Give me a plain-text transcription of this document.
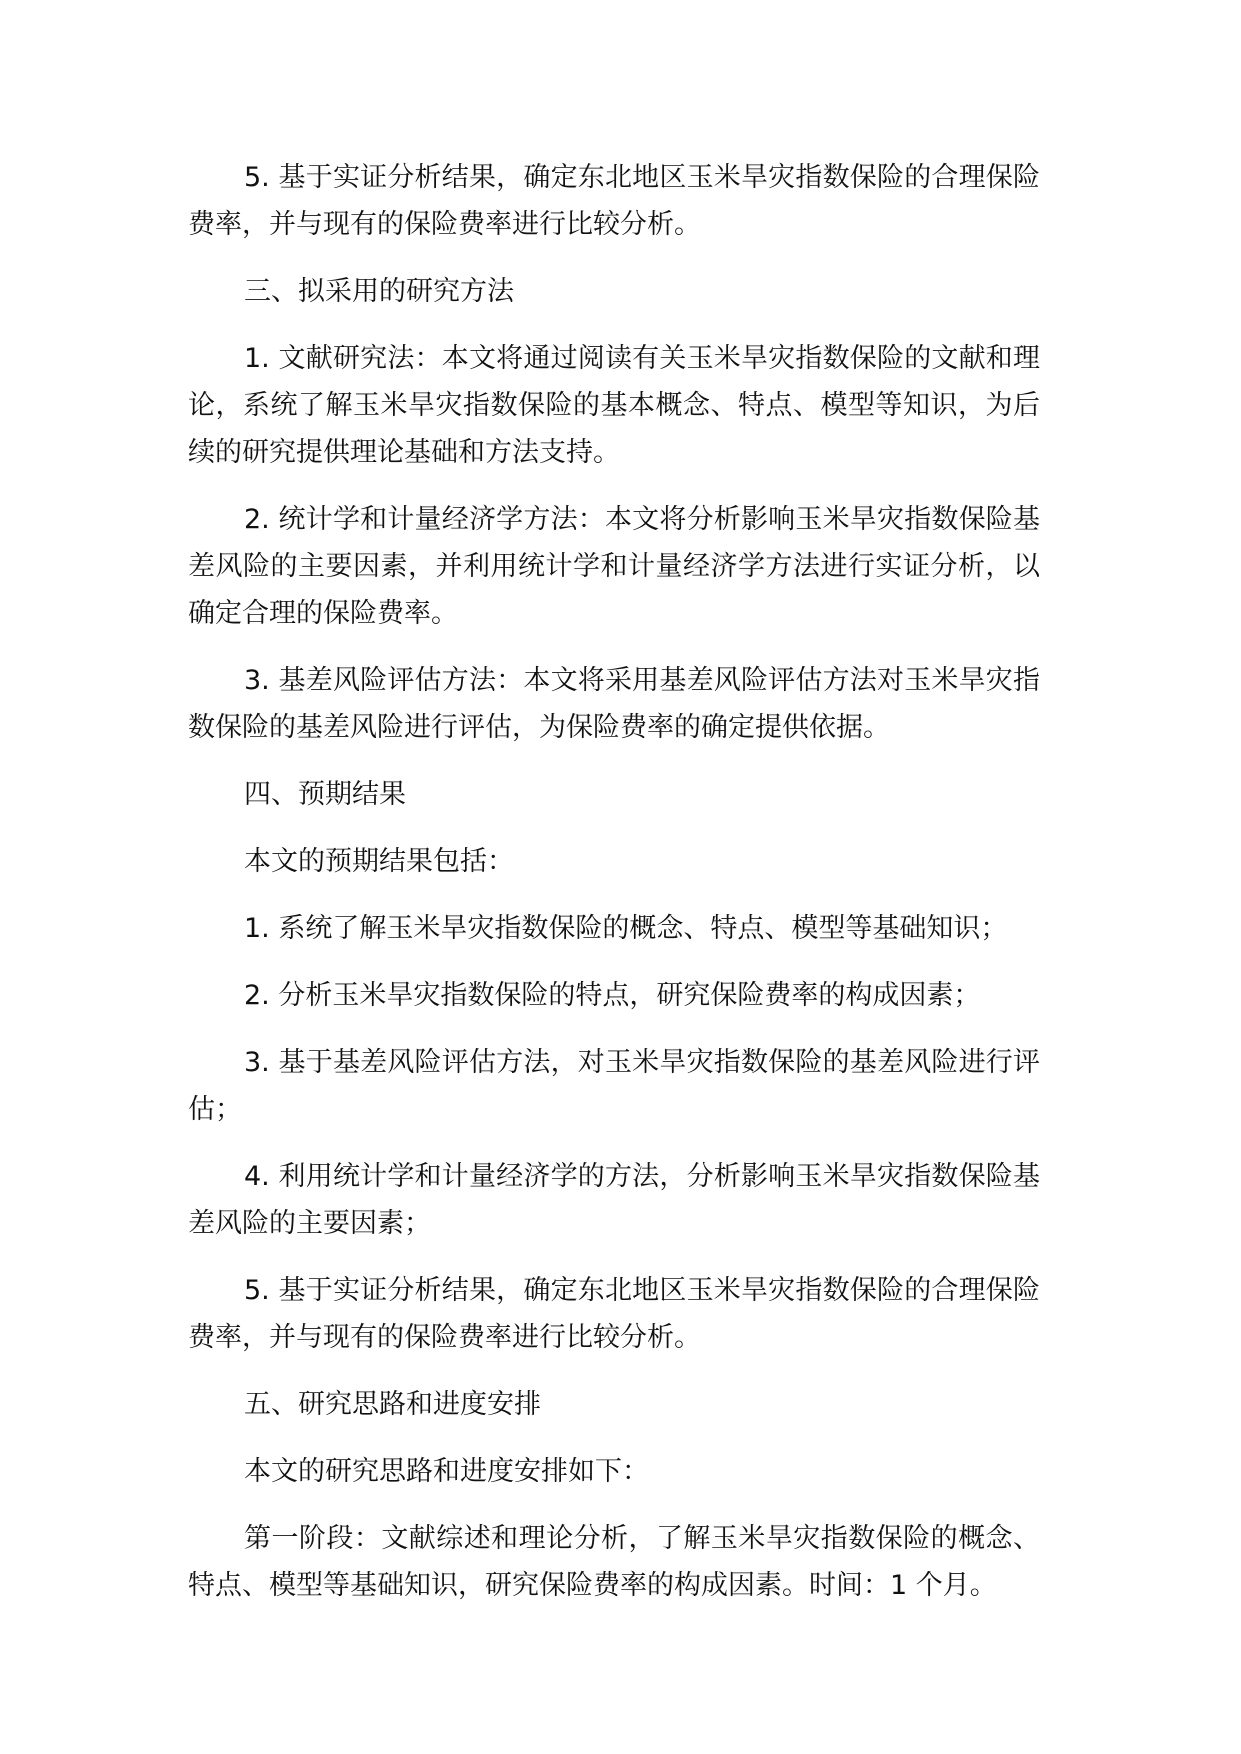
5. 基于实证分析结果，确定东北地区玉米旱灾指数保险的合理保险费率，并与现有的保险费率进行比较分析。

三、拟采用的研究方法

1. 文献研究法：本文将通过阅读有关玉米旱灾指数保险的文献和理论，系统了解玉米旱灾指数保险的基本概念、特点、模型等知识，为后续的研究提供理论基础和方法支持。

2. 统计学和计量经济学方法：本文将分析影响玉米旱灾指数保险基差风险的主要因素，并利用统计学和计量经济学方法进行实证分析，以确定合理的保险费率。

3. 基差风险评估方法：本文将采用基差风险评估方法对玉米旱灾指数保险的基差风险进行评估，为保险费率的确定提供依据。

四、预期结果

本文的预期结果包括：

1. 系统了解玉米旱灾指数保险的概念、特点、模型等基础知识；

2. 分析玉米旱灾指数保险的特点，研究保险费率的构成因素；

3. 基于基差风险评估方法，对玉米旱灾指数保险的基差风险进行评估；

4. 利用统计学和计量经济学的方法，分析影响玉米旱灾指数保险基差风险的主要因素；

5. 基于实证分析结果，确定东北地区玉米旱灾指数保险的合理保险费率，并与现有的保险费率进行比较分析。

五、研究思路和进度安排

本文的研究思路和进度安排如下：

第一阶段：文献综述和理论分析，了解玉米旱灾指数保险的概念、特点、模型等基础知识，研究保险费率的构成因素。时间：1 个月。
